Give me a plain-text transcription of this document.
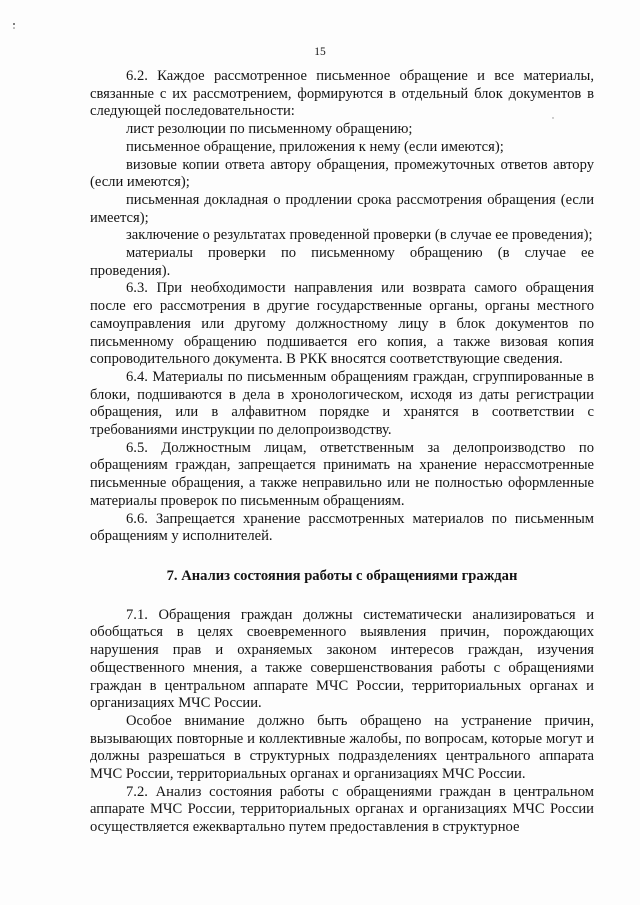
15

6.2. Каждое рассмотренное письменное обращение и все материалы, связанные с их рассмотрением, формируются в отдельный блок документов в следующей последовательности:

лист резолюции по письменному обращению;

письменное обращение, приложения к нему (если имеются);

визовые копии ответа автору обращения, промежуточных ответов автору (если имеются);

письменная докладная о продлении срока рассмотрения обращения (если имеется);

заключение о результатах проведенной проверки (в случае ее проведения);

материалы проверки по письменному обращению (в случае ее проведения).

6.3. При необходимости направления или возврата самого обращения после его рассмотрения в другие государственные органы, органы местного самоуправления или другому должностному лицу в блок документов по письменному обращению подшивается его копия, а также визовая копия сопроводительного документа. В РКК вносятся соответствующие сведения.

6.4. Материалы по письменным обращениям граждан, сгруппированные в блоки, подшиваются в дела в хронологическом, исходя из даты регистрации обращения, или в алфавитном порядке и хранятся в соответствии с требованиями инструкции по делопроизводству.

6.5. Должностным лицам, ответственным за делопроизводство по обращениям граждан, запрещается принимать на хранение нерассмотренные письменные обращения, а также неправильно или не полностью оформленные материалы проверок по письменным обращениям.

6.6. Запрещается хранение рассмотренных материалов по письменным обращениям у исполнителей.

7. Анализ состояния работы с обращениями граждан

7.1. Обращения граждан должны систематически анализироваться и обобщаться в целях своевременного выявления причин, порождающих нарушения прав и охраняемых законом интересов граждан, изучения общественного мнения, а также совершенствования работы с обращениями граждан в центральном аппарате МЧС России, территориальных органах и организациях МЧС России.

Особое внимание должно быть обращено на устранение причин, вызывающих повторные и коллективные жалобы, по вопросам, которые могут и должны разрешаться в структурных подразделениях центрального аппарата МЧС России, территориальных органах и организациях МЧС России.

7.2. Анализ состояния работы с обращениями граждан в центральном аппарате МЧС России, территориальных органах и организациях МЧС России осуществляется ежеквартально путем предоставления в структурное
